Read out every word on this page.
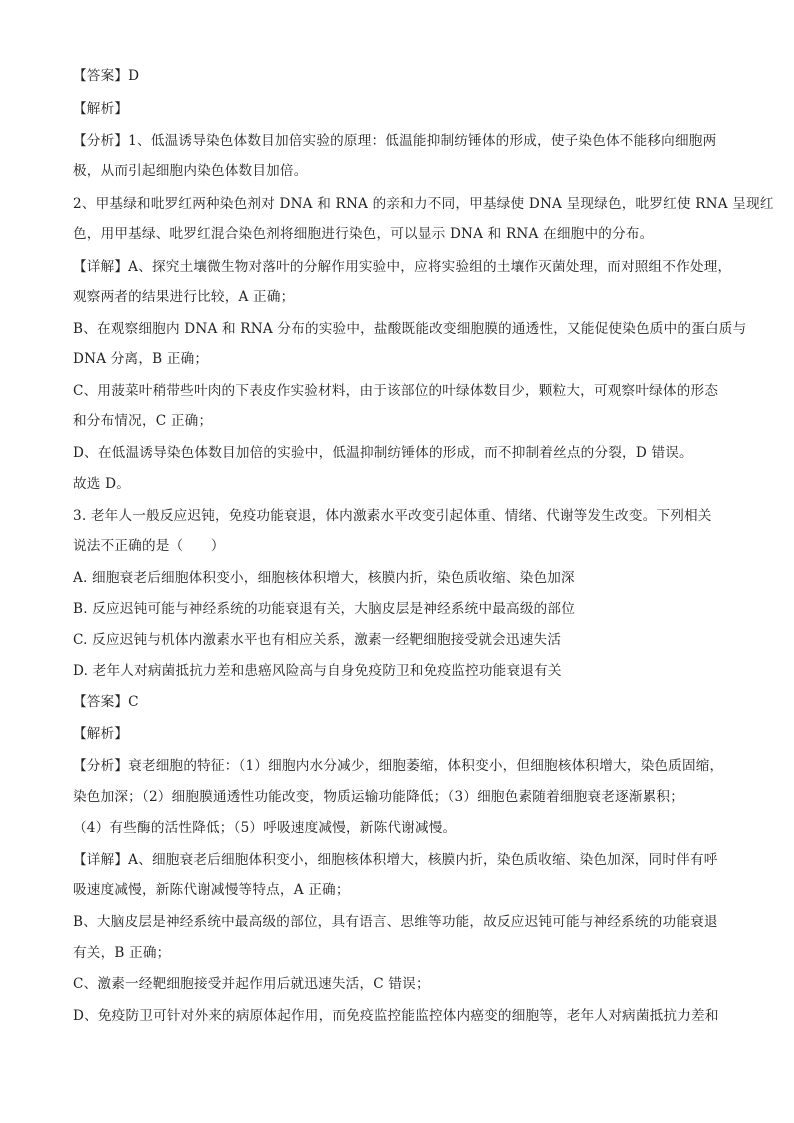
【答案】D
【解析】
【分析】1、低温诱导染色体数目加倍实验的原理：低温能抑制纺锤体的形成，使子染色体不能移向细胞两
极，从而引起细胞内染色体数目加倍。
2、甲基绿和吡罗红两种染色剂对 DNA 和 RNA 的亲和力不同，甲基绿使 DNA 呈现绿色，吡罗红使 RNA 呈现红
色，用甲基绿、吡罗红混合染色剂将细胞进行染色，可以显示 DNA 和 RNA 在细胞中的分布。
【详解】A、探究土壤微生物对落叶的分解作用实验中，应将实验组的土壤作灭菌处理，而对照组不作处理，
观察两者的结果进行比较，A 正确；
B、在观察细胞内 DNA 和 RNA 分布的实验中，盐酸既能改变细胞膜的通透性，又能促使染色质中的蛋白质与
DNA 分离，B 正确；
C、用菠菜叶稍带些叶肉的下表皮作实验材料，由于该部位的叶绿体数目少，颗粒大，可观察叶绿体的形态
和分布情况，C 正确；
D、在低温诱导染色体数目加倍的实验中，低温抑制纺锤体的形成，而不抑制着丝点的分裂，D 错误。
故选 D。
3. 老年人一般反应迟钝，免疫功能衰退，体内激素水平改变引起体重、情绪、代谢等发生改变。下列相关
说法不正确的是（　　）
A. 细胞衰老后细胞体积变小，细胞核体积增大，核膜内折，染色质收缩、染色加深
B. 反应迟钝可能与神经系统的功能衰退有关，大脑皮层是神经系统中最高级的部位
C. 反应迟钝与机体内激素水平也有相应关系，激素一经靶细胞接受就会迅速失活
D. 老年人对病菌抵抗力差和患癌风险高与自身免疫防卫和免疫监控功能衰退有关
【答案】C
【解析】
【分析】衰老细胞的特征：（1）细胞内水分减少，细胞萎缩，体积变小，但细胞核体积增大，染色质固缩，
染色加深；（2）细胞膜通透性功能改变，物质运输功能降低；（3）细胞色素随着细胞衰老逐渐累积；
（4）有些酶的活性降低；（5）呼吸速度减慢，新陈代谢减慢。
【详解】A、细胞衰老后细胞体积变小，细胞核体积增大，核膜内折，染色质收缩、染色加深，同时伴有呼
吸速度减慢，新陈代谢减慢等特点，A 正确；
B、大脑皮层是神经系统中最高级的部位，具有语言、思维等功能，故反应迟钝可能与神经系统的功能衰退
有关，B 正确；
C、激素一经靶细胞接受并起作用后就迅速失活，C 错误；
D、免疫防卫可针对外来的病原体起作用，而免疫监控能监控体内癌变的细胞等，老年人对病菌抵抗力差和
